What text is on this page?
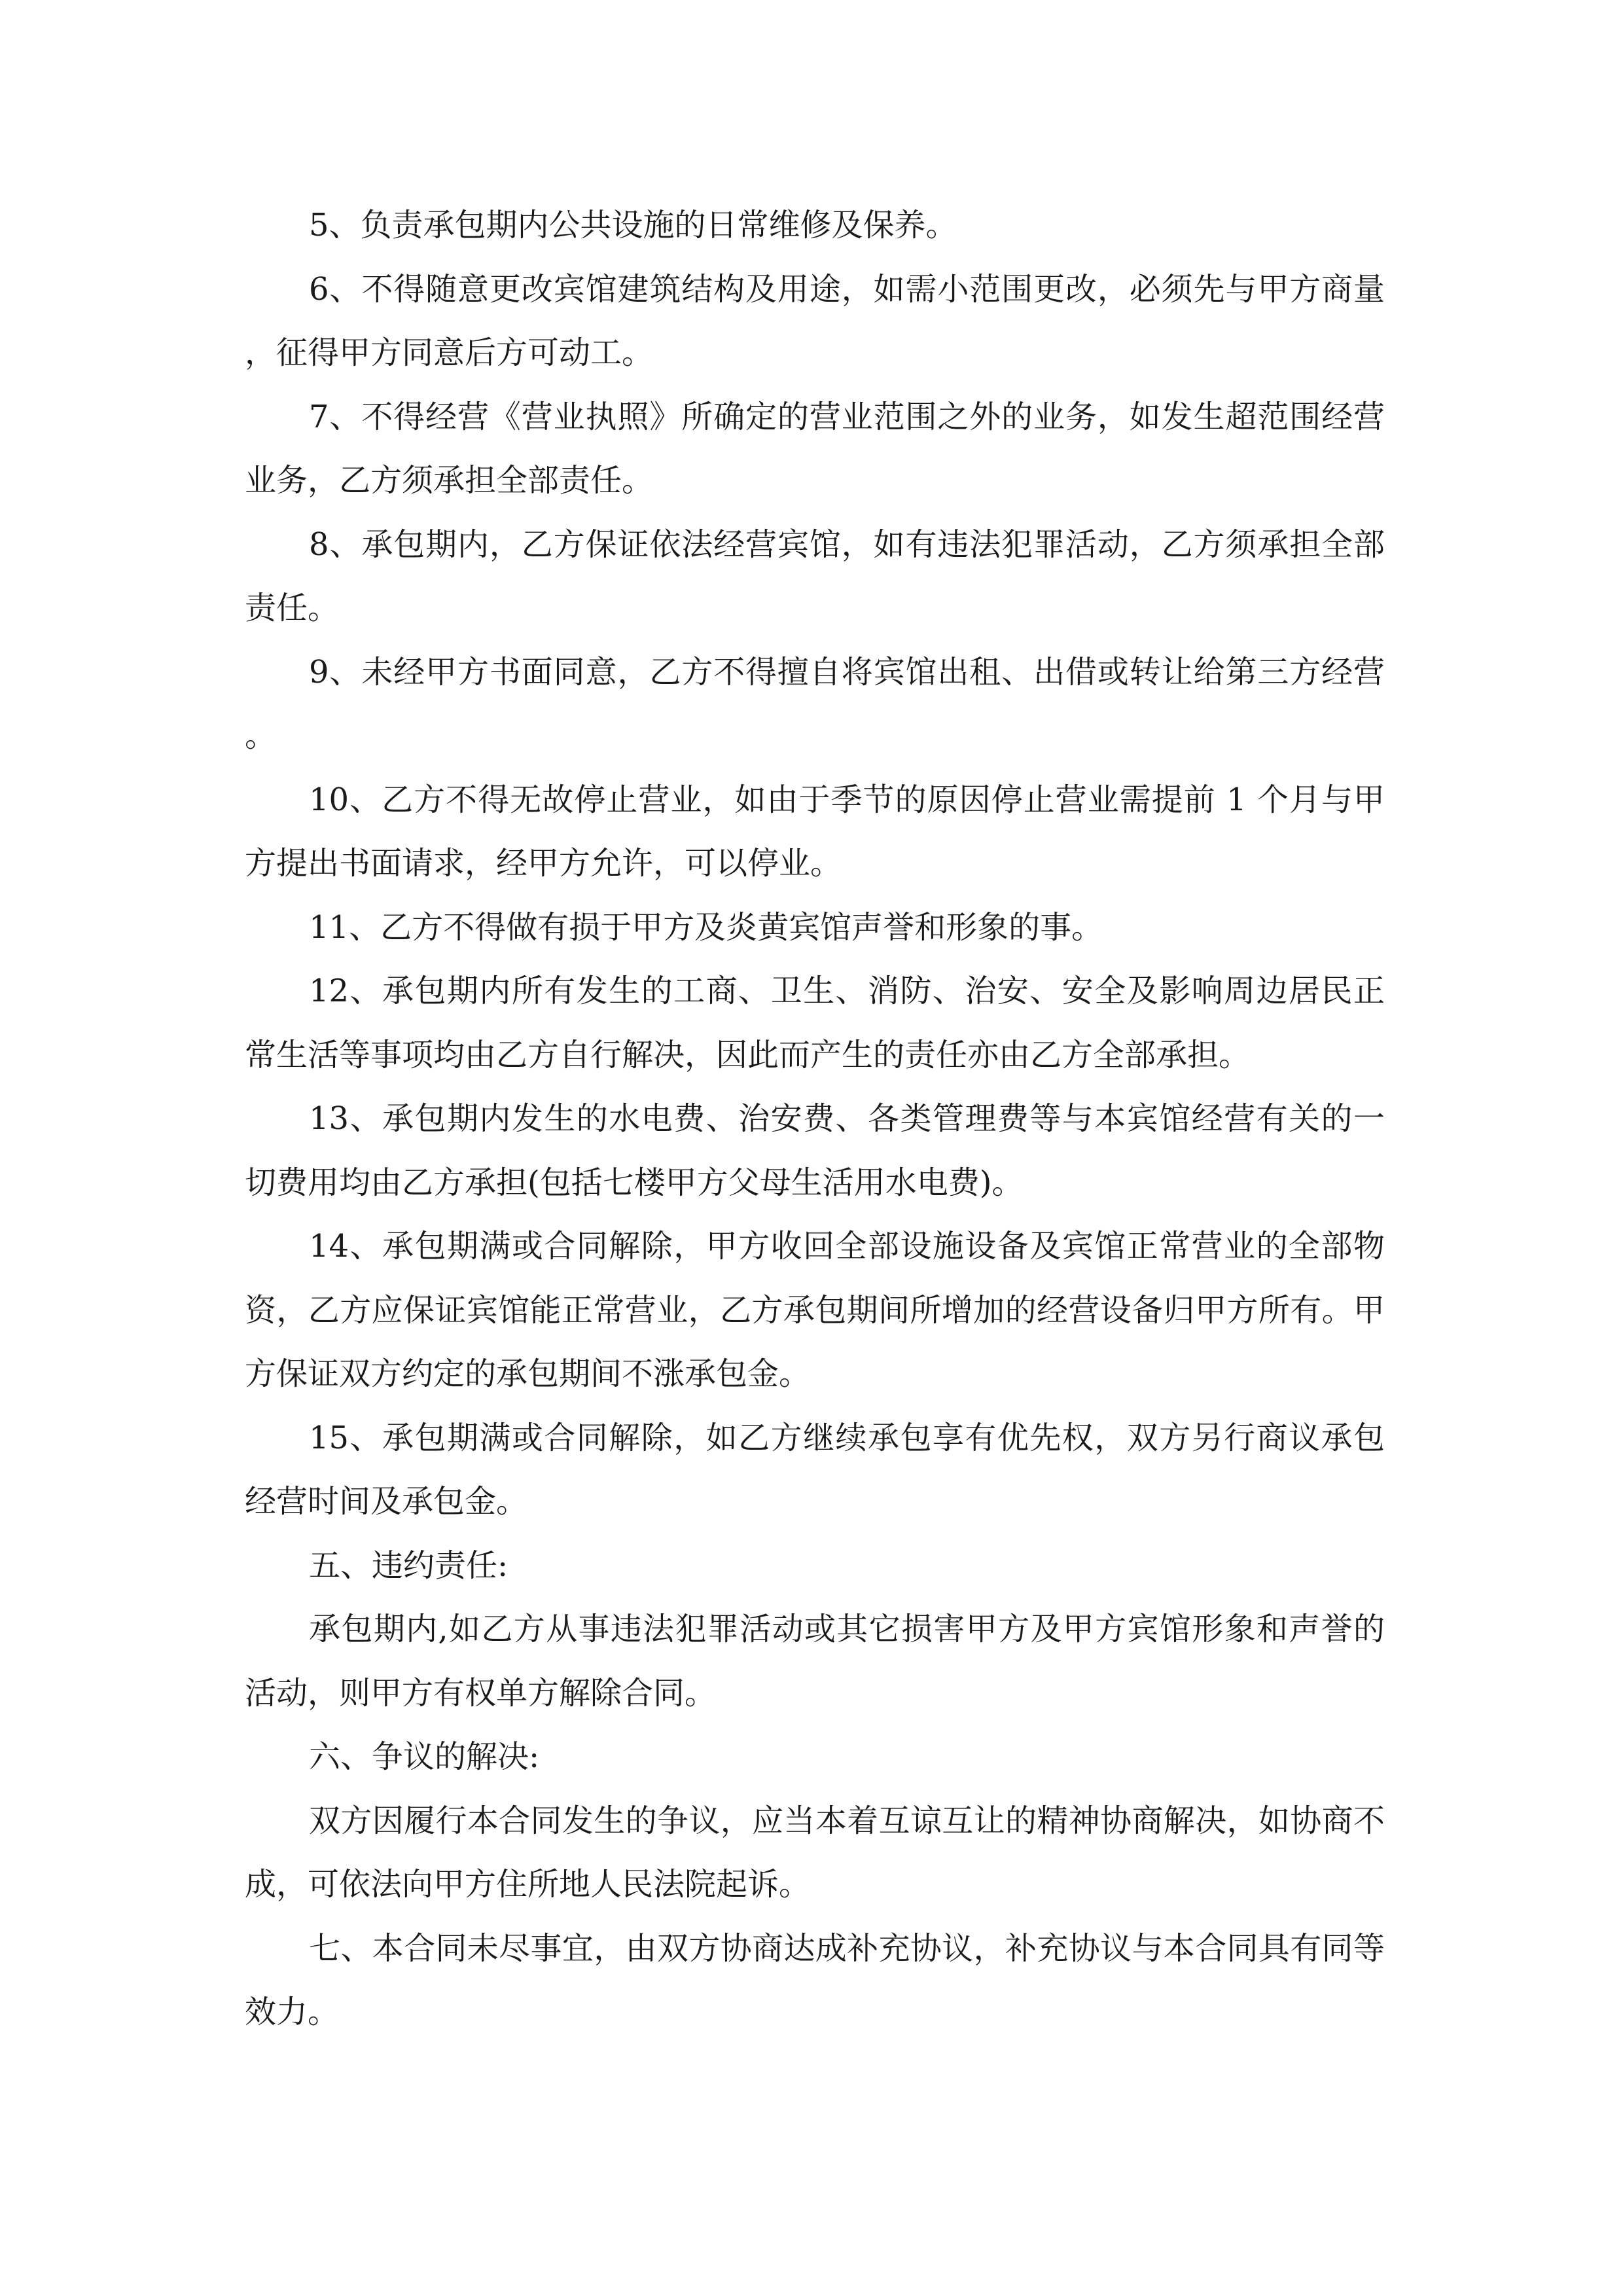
5、负责承包期内公共设施的日常维修及保养。

6、不得随意更改宾馆建筑结构及用途，如需小范围更改，必须先与甲方商量，征得甲方同意后方可动工。

7、不得经营《营业执照》所确定的营业范围之外的业务，如发生超范围经营业务，乙方须承担全部责任。

8、承包期内，乙方保证依法经营宾馆，如有违法犯罪活动，乙方须承担全部责任。

9、未经甲方书面同意，乙方不得擅自将宾馆出租、出借或转让给第三方经营。

10、乙方不得无故停止营业，如由于季节的原因停止营业需提前 1 个月与甲方提出书面请求，经甲方允许，可以停业。

11、乙方不得做有损于甲方及炎黄宾馆声誉和形象的事。

12、承包期内所有发生的工商、卫生、消防、治安、安全及影响周边居民正常生活等事项均由乙方自行解决，因此而产生的责任亦由乙方全部承担。

13、承包期内发生的水电费、治安费、各类管理费等与本宾馆经营有关的一切费用均由乙方承担(包括七楼甲方父母生活用水电费)。

14、承包期满或合同解除，甲方收回全部设施设备及宾馆正常营业的全部物资，乙方应保证宾馆能正常营业，乙方承包期间所增加的经营设备归甲方所有。甲方保证双方约定的承包期间不涨承包金。

15、承包期满或合同解除，如乙方继续承包享有优先权，双方另行商议承包经营时间及承包金。

五、违约责任:

承包期内,如乙方从事违法犯罪活动或其它损害甲方及甲方宾馆形象和声誉的活动，则甲方有权单方解除合同。

六、争议的解决:

双方因履行本合同发生的争议，应当本着互谅互让的精神协商解决，如协商不成，可依法向甲方住所地人民法院起诉。

七、本合同未尽事宜，由双方协商达成补充协议，补充协议与本合同具有同等效力。
